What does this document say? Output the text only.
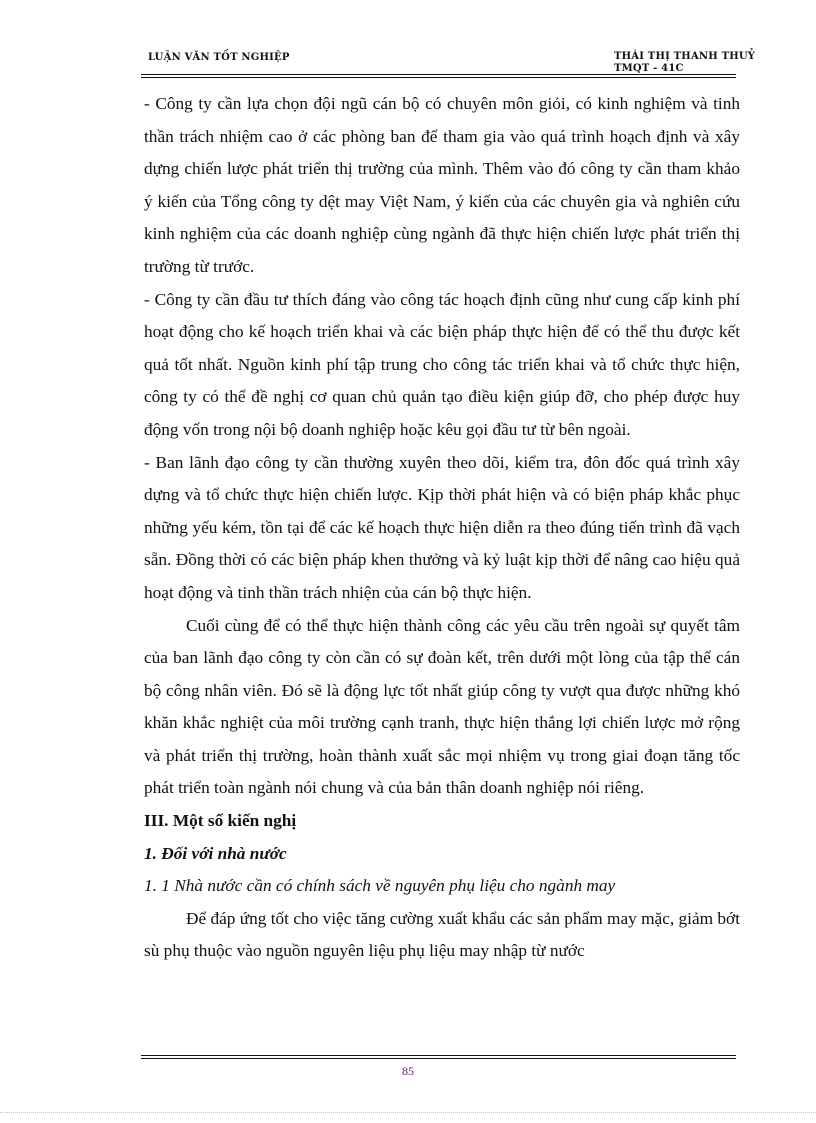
LUẬN VĂN TỐT NGHIỆP	THÁI THỊ THANH THUỶ
TMQT - 41C

- Công ty cần lựa chọn đội ngũ cán bộ có chuyên môn giỏi, có kinh nghiệm và tinh thần trách nhiệm cao ở các phòng ban để tham gia vào quá trình hoạch định và xây dựng chiến lược phát triển thị trường của mình. Thêm vào đó công ty cần tham khảo ý kiến của Tổng công ty dệt may Việt Nam, ý kiến của các chuyên gia và nghiên cứu kinh nghiệm của các doanh nghiệp cùng ngành đã thực hiện chiến lược phát triển thị trường từ trước.

- Công ty cần đầu tư thích đáng vào công tác hoạch định cũng như cung cấp kinh phí hoạt động cho kế hoạch triển khai và các biện pháp thực hiện để có thể thu được kết quả tốt nhất. Nguồn kinh phí tập trung cho công tác triển khai và tổ chức thực hiện, công ty có thể đề nghị cơ quan chủ quản tạo điều kiện giúp đỡ, cho phép được huy động vốn trong nội bộ doanh nghiệp hoặc kêu gọi đầu tư từ bên ngoài.

- Ban lãnh đạo công ty cần thường xuyên theo dõi, kiểm tra, đôn đốc quá trình xây dựng và tổ chức thực hiện chiến lược. Kịp thời phát hiện và có biện pháp khắc phục những yếu kém, tồn tại để các kế hoạch thực hiện diễn ra theo đúng tiến trình đã vạch sẵn. Đồng thời có các biện pháp khen thưởng và kỷ luật kịp thời để nâng cao hiệu quả hoạt động và tinh thần trách nhiện của cán bộ thực hiện.

Cuối cùng để có thể thực hiện thành công các yêu cầu trên ngoài sự quyết tâm của ban lãnh đạo công ty còn cần có sự đoàn kết, trên dưới một lòng của tập thể cán bộ công nhân viên. Đó sẽ là động lực tốt nhất giúp công ty vượt qua được những khó khăn khắc nghiệt của môi trường cạnh tranh, thực hiện thắng lợi chiến lược mở rộng và phát triển thị trường, hoàn thành xuất sắc mọi nhiệm vụ trong giai đoạn tăng tốc phát triển toàn ngành nói chung và của bản thân doanh nghiệp nói riêng.

III. Một số kiến nghị

1. Đối với nhà nước

1. 1 Nhà nước cần có chính sách về nguyên phụ liệu cho ngành may

Để đáp ứng tốt cho việc tăng cường xuất khẩu các sản phẩm may mặc, giảm bớt sù phụ thuộc vào nguồn nguyên liệu phụ liệu may nhập từ nước

85
